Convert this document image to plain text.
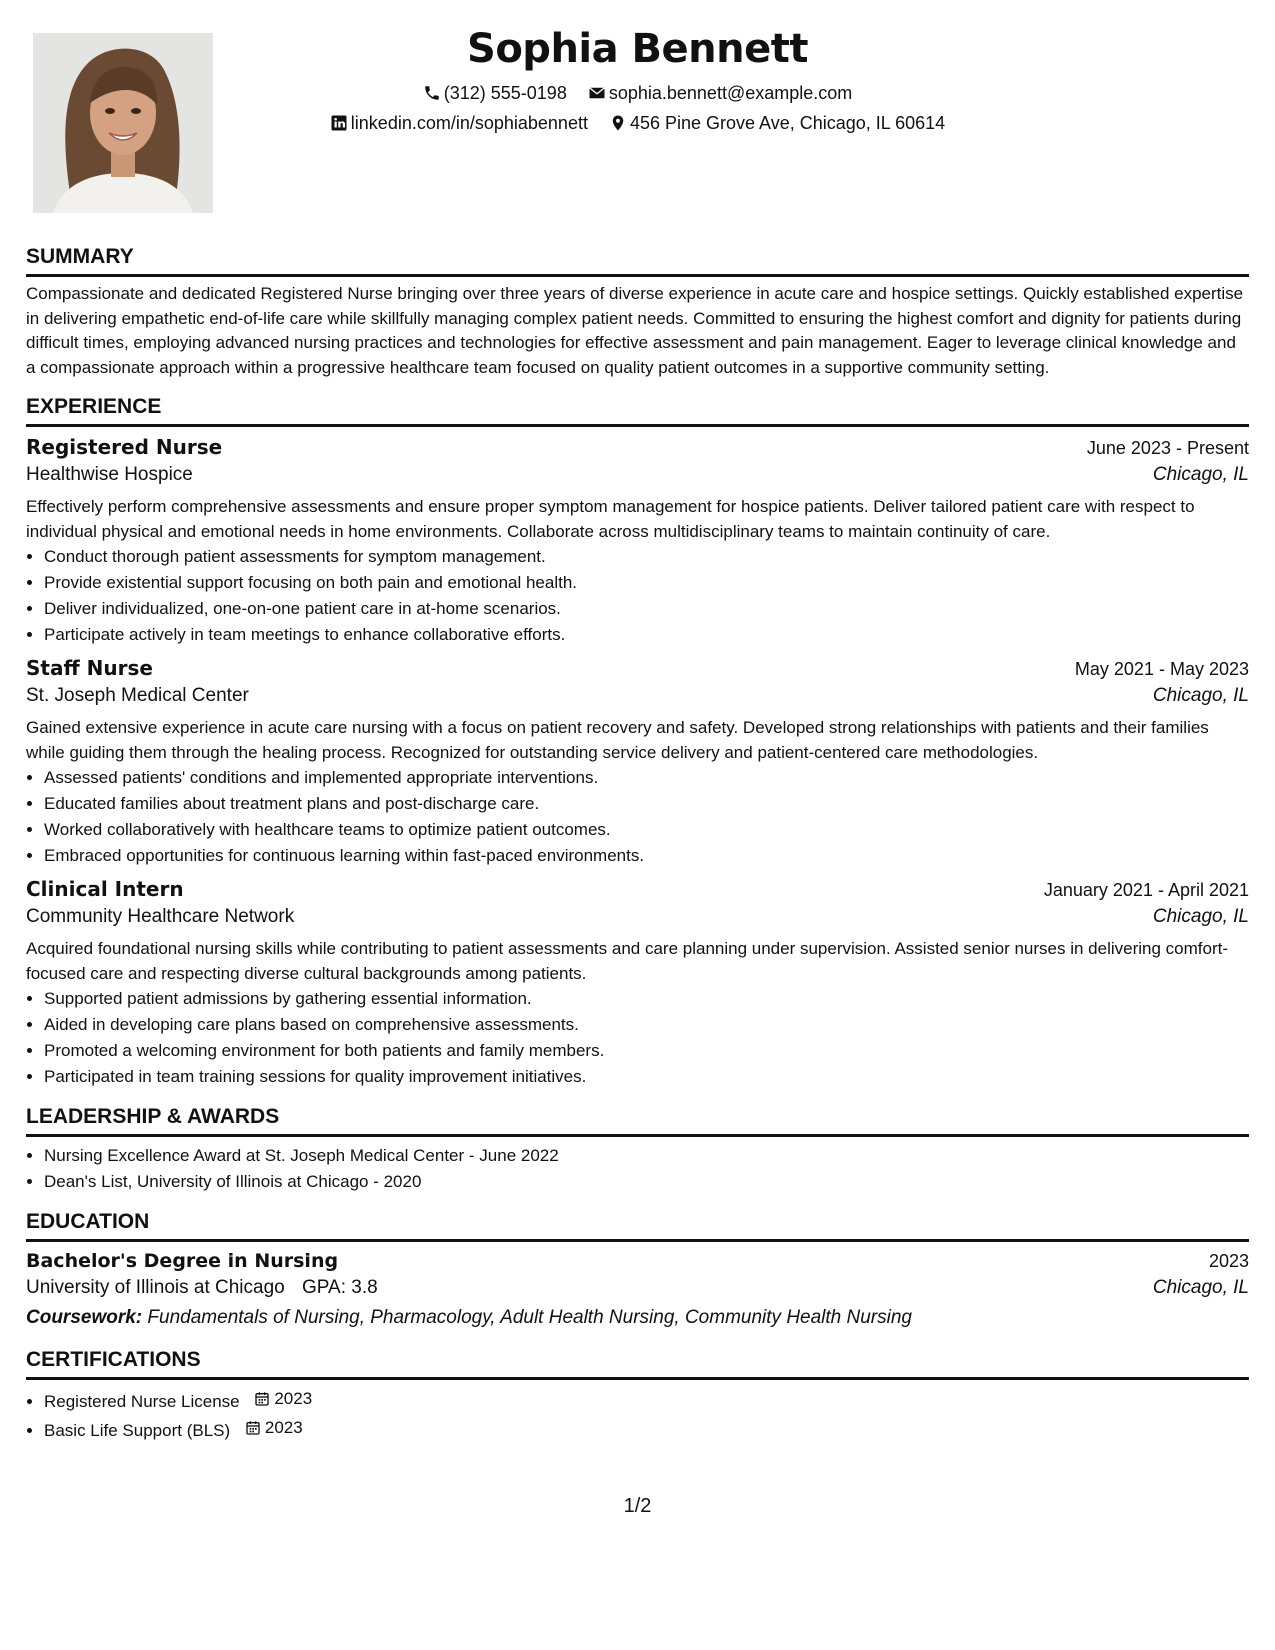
Sophia Bennett
(312) 555-0198
sophia.bennett@example.com
linkedin.com/in/sophiabennett
456 Pine Grove Ave, Chicago, IL 60614
SUMMARY

Compassionate and dedicated Registered Nurse bringing over three years of diverse experience in acute care and hospice settings. Quickly established expertise in delivering empathetic end-of-life care while skillfully managing complex patient needs. Committed to ensuring the highest comfort and dignity for patients during difficult times, employing advanced nursing practices and technologies for effective assessment and pain management. Eager to leverage clinical knowledge and a compassionate approach within a progressive healthcare team focused on quality patient outcomes in a supportive community setting.

EXPERIENCE
Registered Nurse	June 2023 - Present
Healthwise Hospice	Chicago, IL

Effectively perform comprehensive assessments and ensure proper symptom management for hospice patients. Deliver tailored patient care with respect to individual physical and emotional needs in home environments. Collaborate across multidisciplinary teams to maintain continuity of care.

• Conduct thorough patient assessments for symptom management.
• Provide existential support focusing on both pain and emotional health.
• Deliver individualized, one-on-one patient care in at-home scenarios.
• Participate actively in team meetings to enhance collaborative efforts.
Staff Nurse	May 2021 - May 2023
St. Joseph Medical Center	Chicago, IL

Gained extensive experience in acute care nursing with a focus on patient recovery and safety. Developed strong relationships with patients and their families while guiding them through the healing process. Recognized for outstanding service delivery and patient-centered care methodologies.

• Assessed patients' conditions and implemented appropriate interventions.
• Educated families about treatment plans and post-discharge care.
• Worked collaboratively with healthcare teams to optimize patient outcomes.
• Embraced opportunities for continuous learning within fast-paced environments.
Clinical Intern	January 2021 - April 2021
Community Healthcare Network	Chicago, IL

Acquired foundational nursing skills while contributing to patient assessments and care planning under supervision. Assisted senior nurses in delivering comfort-focused care and respecting diverse cultural backgrounds among patients.

• Supported patient admissions by gathering essential information.
• Aided in developing care plans based on comprehensive assessments.
• Promoted a welcoming environment for both patients and family members.
• Participated in team training sessions for quality improvement initiatives.
LEADERSHIP & AWARDS
• Nursing Excellence Award at St. Joseph Medical Center - June 2022
• Dean's List, University of Illinois at Chicago - 2020
EDUCATION
Bachelor's Degree in Nursing	2023
University of Illinois at Chicago GPA: 3.8	Chicago, IL
Coursework: Fundamentals of Nursing, Pharmacology, Adult Health Nursing, Community Health Nursing
CERTIFICATIONS
• Registered Nurse License 2023
• Basic Life Support (BLS) 2023
1/2
